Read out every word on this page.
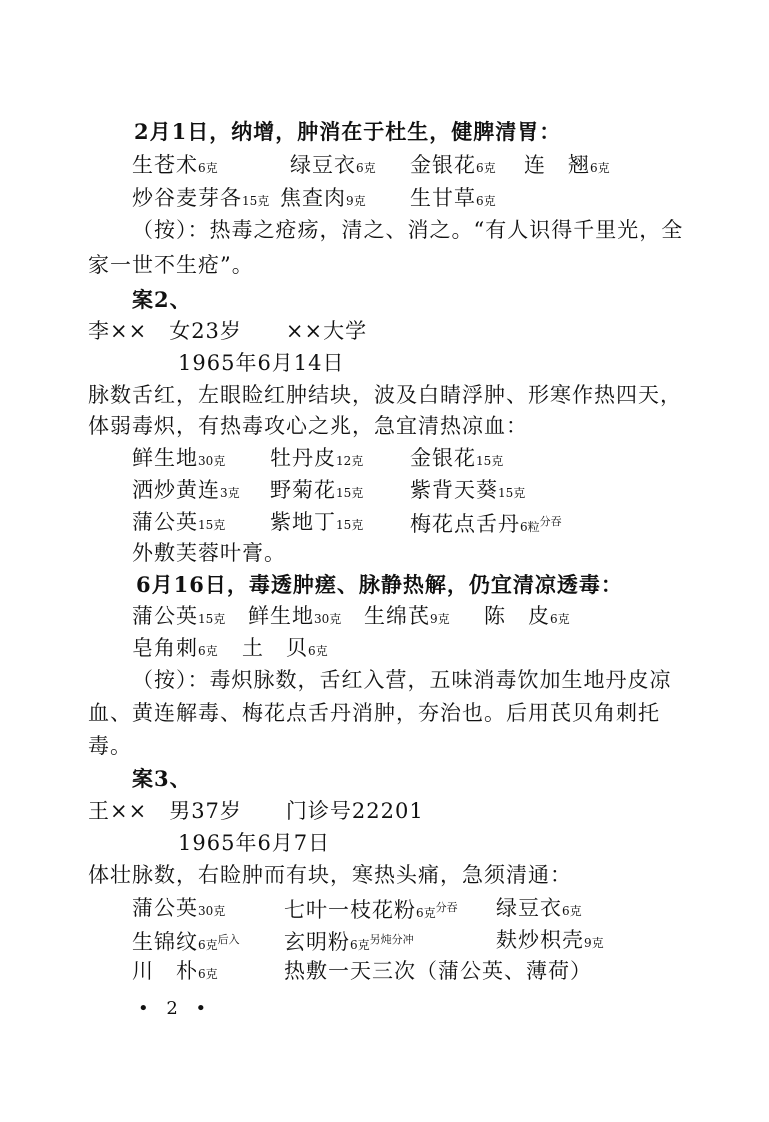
2月1日，纳增，肿消在于杜生，健脾清胃：
生苍术6克	绿豆衣6克 金银花6克 连　翘6克
炒谷麦芽各15克 焦查肉9克 生甘草6克
（按）：热毒之疮疡，清之、消之。“有人识得千里光，全
家一世不生疮”。
案2、
李××　女23岁　　××大学
1965年6月14日
脉数舌红，左眼睑红肿结块，波及白睛浮肿、形寒作热四天，
体弱毒炽，有热毒攻心之兆，急宜清热凉血：
鲜生地30克 牡丹皮12克 金银花15克
洒炒黄连3克 野菊花15克 紫背天葵15克
蒲公英15克 紫地丁15克 梅花点舌丹6粒$^{分吞}$
外敷芙蓉叶膏。
6月16日，毒透肿瘥、脉静热解，仍宜清凉透毒：
蒲公英15克 鲜生地30克 生绵芪9克 陈　皮6克
皂角刺6克 土　贝6克
（按）：毒炽脉数，舌红入营，五味消毒饮加生地丹皮凉
血、黄连解毒、梅花点舌丹消肿，夯治也。后用芪贝角刺托
毒。
案3、
王××　男37岁　　门诊号22201
1965年6月7日
体壮脉数，右睑肿而有块，寒热头痛，急须清通：
蒲公英30克	七叶一枝花粉6克$^{分吞}$ 绿豆衣6克
生锦纹6克$^{后入}$ 玄明粉6克$^{另炖分冲}$	麸炒枳壳9克
川　朴6克	热敷一天三次（蒲公英、薄荷）
• 2 •
